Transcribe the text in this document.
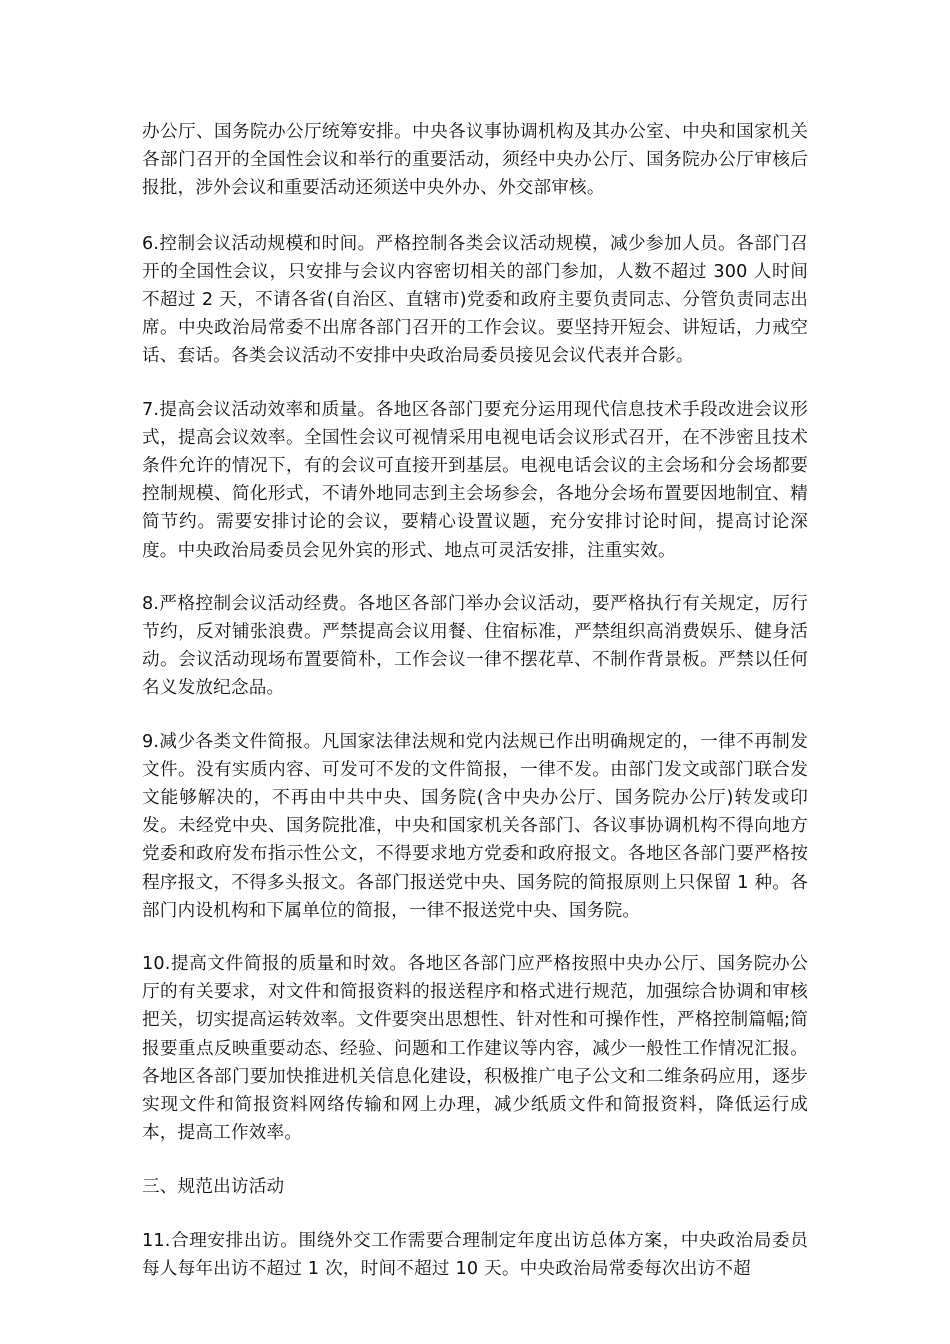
办公厅、国务院办公厅统筹安排。中央各议事协调机构及其办公室、中央和国家机关各部门召开的全国性会议和举行的重要活动，须经中央办公厅、国务院办公厅审核后报批，涉外会议和重要活动还须送中央外办、外交部审核。

6.控制会议活动规模和时间。严格控制各类会议活动规模，减少参加人员。各部门召开的全国性会议，只安排与会议内容密切相关的部门参加，人数不超过 300 人时间不超过 2 天，不请各省(自治区、直辖市)党委和政府主要负责同志、分管负责同志出席。中央政治局常委不出席各部门召开的工作会议。要坚持开短会、讲短话，力戒空话、套话。各类会议活动不安排中央政治局委员接见会议代表并合影。

7.提高会议活动效率和质量。各地区各部门要充分运用现代信息技术手段改进会议形式，提高会议效率。全国性会议可视情采用电视电话会议形式召开，在不涉密且技术条件允许的情况下，有的会议可直接开到基层。电视电话会议的主会场和分会场都要控制规模、简化形式，不请外地同志到主会场参会，各地分会场布置要因地制宜、精简节约。需要安排讨论的会议，要精心设置议题，充分安排讨论时间，提高讨论深度。中央政治局委员会见外宾的形式、地点可灵活安排，注重实效。

8.严格控制会议活动经费。各地区各部门举办会议活动，要严格执行有关规定，厉行节约，反对铺张浪费。严禁提高会议用餐、住宿标准，严禁组织高消费娱乐、健身活动。会议活动现场布置要简朴，工作会议一律不摆花草、不制作背景板。严禁以任何名义发放纪念品。

9.减少各类文件简报。凡国家法律法规和党内法规已作出明确规定的，一律不再制发文件。没有实质内容、可发可不发的文件简报，一律不发。由部门发文或部门联合发文能够解决的，不再由中共中央、国务院(含中央办公厅、国务院办公厅)转发或印发。未经党中央、国务院批准，中央和国家机关各部门、各议事协调机构不得向地方党委和政府发布指示性公文，不得要求地方党委和政府报文。各地区各部门要严格按程序报文，不得多头报文。各部门报送党中央、国务院的简报原则上只保留 1 种。各部门内设机构和下属单位的简报，一律不报送党中央、国务院。

10.提高文件简报的质量和时效。各地区各部门应严格按照中央办公厅、国务院办公厅的有关要求，对文件和简报资料的报送程序和格式进行规范，加强综合协调和审核把关，切实提高运转效率。文件要突出思想性、针对性和可操作性，严格控制篇幅;简报要重点反映重要动态、经验、问题和工作建议等内容，减少一般性工作情况汇报。各地区各部门要加快推进机关信息化建设，积极推广电子公文和二维条码应用，逐步实现文件和简报资料网络传输和网上办理，减少纸质文件和简报资料，降低运行成本，提高工作效率。

三、规范出访活动

11.合理安排出访。围绕外交工作需要合理制定年度出访总体方案，中央政治局委员每人每年出访不超过 1 次，时间不超过 10 天。中央政治局常委每次出访不超
